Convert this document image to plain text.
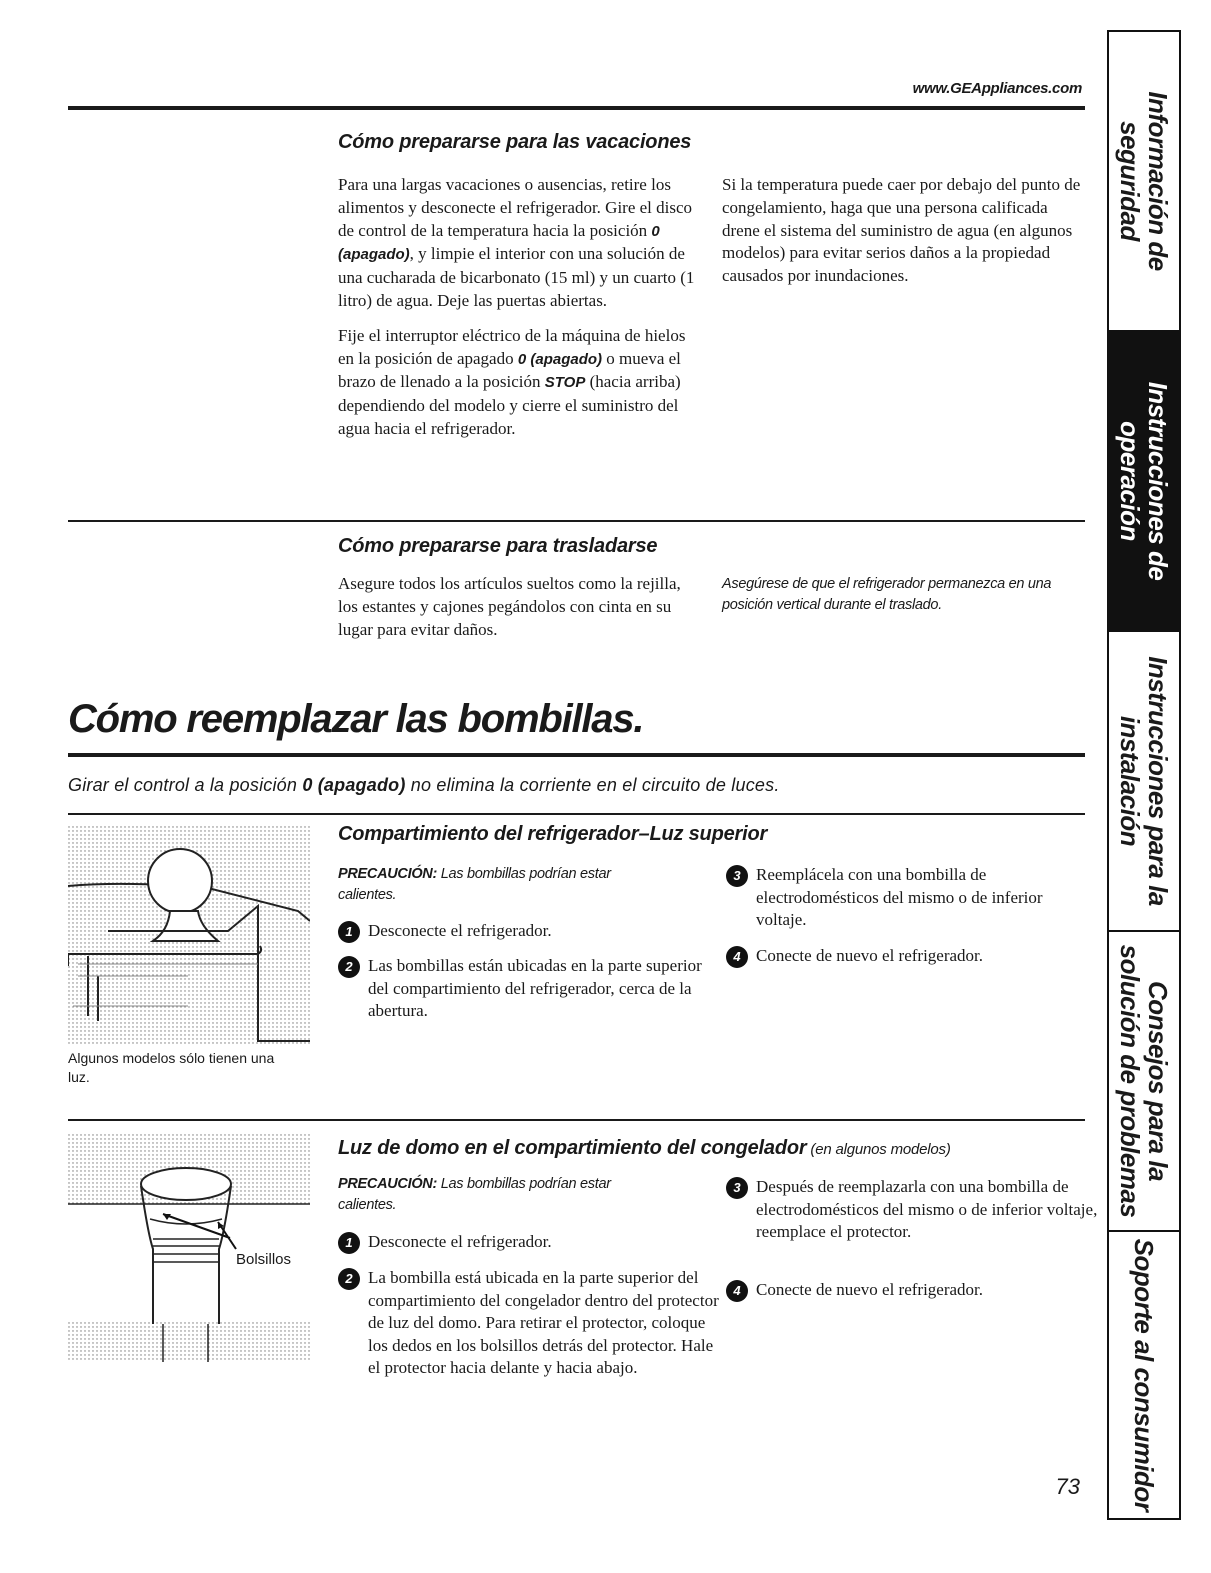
www.GEAppliances.com
Cómo prepararse para las vacaciones

Para una largas vacaciones o ausencias, retire los alimentos y desconecte el refrigerador. Gire el disco de control de la temperatura hacia la posición 0 (apagado), y limpie el interior con una solución de una cucharada de bicarbonato (15 ml) y un cuarto (1 litro) de agua. Deje las puertas abiertas.

Fije el interruptor eléctrico de la máquina de hielos en la posición de apagado 0 (apagado) o mueva el brazo de llenado a la posición STOP (hacia arriba) dependiendo del modelo y cierre el suministro del agua hacia el refrigerador.

Si la temperatura puede caer por debajo del punto de congelamiento, haga que una persona calificada drene el sistema del suministro de agua (en algunos modelos) para evitar serios daños a la propiedad causados por inundaciones.
Cómo prepararse para trasladarse
Asegure todos los artículos sueltos como la rejilla, los estantes y cajones pegándolos con cinta en su lugar para evitar daños.
Asegúrese de que el refrigerador permanezca en una posición vertical durante el traslado.
Cómo reemplazar las bombillas.
Girar el control a la posición 0 (apagado) no elimina la corriente en el circuito de luces.
Algunos modelos sólo tienen una luz.
Compartimiento del refrigerador–Luz superior
PRECAUCIÓN: Las bombillas podrían estar calientes.
1 Desconecte el refrigerador.
2 Las bombillas están ubicadas en la parte superior del compartimiento del refrigerador, cerca de la abertura.
3 Reemplácela con una bombilla de electrodomésticos del mismo o de inferior voltaje.
4 Conecte de nuevo el refrigerador.
Bolsillos
Luz de domo en el compartimiento del congelador (en algunos modelos)
PRECAUCIÓN: Las bombillas podrían estar calientes.
1 Desconecte el refrigerador.
2 La bombilla está ubicada en la parte superior del compartimiento del congelador dentro del protector de luz del domo. Para retirar el protector, coloque los dedos en los bolsillos detrás del protector. Hale el protector hacia delante y hacia abajo.
3 Después de reemplazarla con una bombilla de electrodomésticos del mismo o de inferior voltaje, reemplace el protector.
4 Conecte de nuevo el refrigerador.
73
Información de
seguridad
Instrucciones de
operación
Instrucciones para la
instalación
Consejos para la
solución de problemas
Soporte al consumidor
